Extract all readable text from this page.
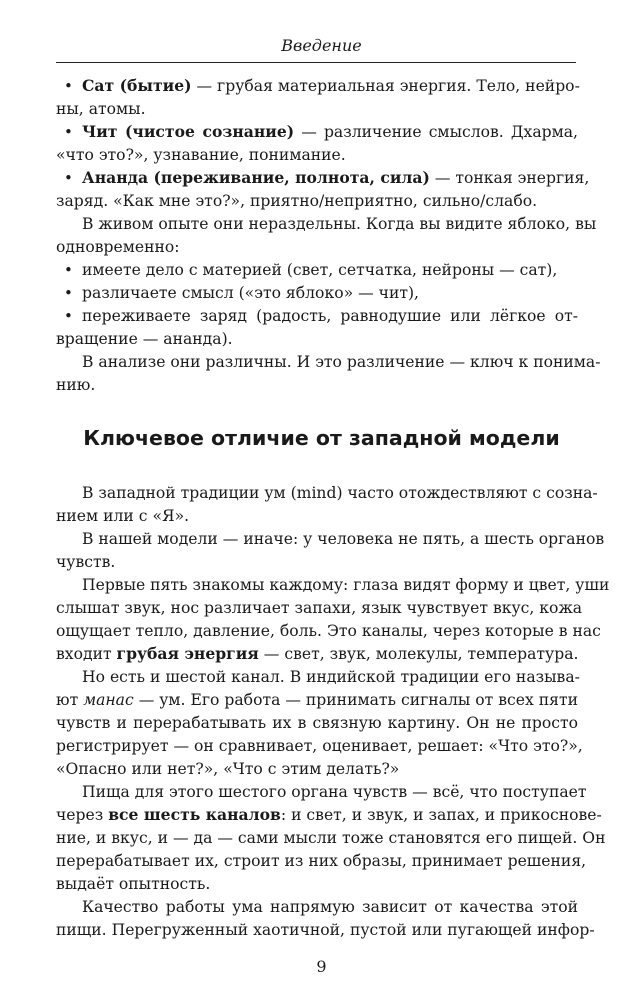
Введение
• Сат (бытие) — грубая материальная энергия. Тело, нейро-
ны, атомы.
• Чит (чистое сознание) — различение смыслов. Дхарма,
«что это?», узнавание, понимание.
• Ананда (переживание, полнота, сила) — тонкая энергия,
заряд. «Как мне это?», приятно/неприятно, сильно/слабо.
В живом опыте они нераздельны. Когда вы видите яблоко, вы
одновременно:
• имеете дело с материей (свет, сетчатка, нейроны — сат),
• различаете смысл («это яблоко» — чит),
• переживаете заряд (радость, равнодушие или лёгкое от-
вращение — ананда).
В анализе они различны. И это различение — ключ к понима-
нию.
Ключевое отличие от западной модели
В западной традиции ум (mind) часто отождествляют с созна-
нием или с «Я».
В нашей модели — иначе: у человека не пять, а шесть органов
чувств.
Первые пять знакомы каждому: глаза видят форму и цвет, уши
слышат звук, нос различает запахи, язык чувствует вкус, кожа
ощущает тепло, давление, боль. Это каналы, через которые в нас
входит грубая энергия — свет, звук, молекулы, температура.
Но есть и шестой канал. В индийской традиции его называ-
ют манас — ум. Его работа — принимать сигналы от всех пяти
чувств и перерабатывать их в связную картину. Он не просто
регистрирует — он сравнивает, оценивает, решает: «Что это?»,
«Опасно или нет?», «Что с этим делать?»
Пища для этого шестого органа чувств — всё, что поступает
через все шесть каналов: и свет, и звук, и запах, и прикоснове-
ние, и вкус, и — да — сами мысли тоже становятся его пищей. Он
перерабатывает их, строит из них образы, принимает решения,
выдаёт опытность.
Качество работы ума напрямую зависит от качества этой
пищи. Перегруженный хаотичной, пустой или пугающей инфор-
9
